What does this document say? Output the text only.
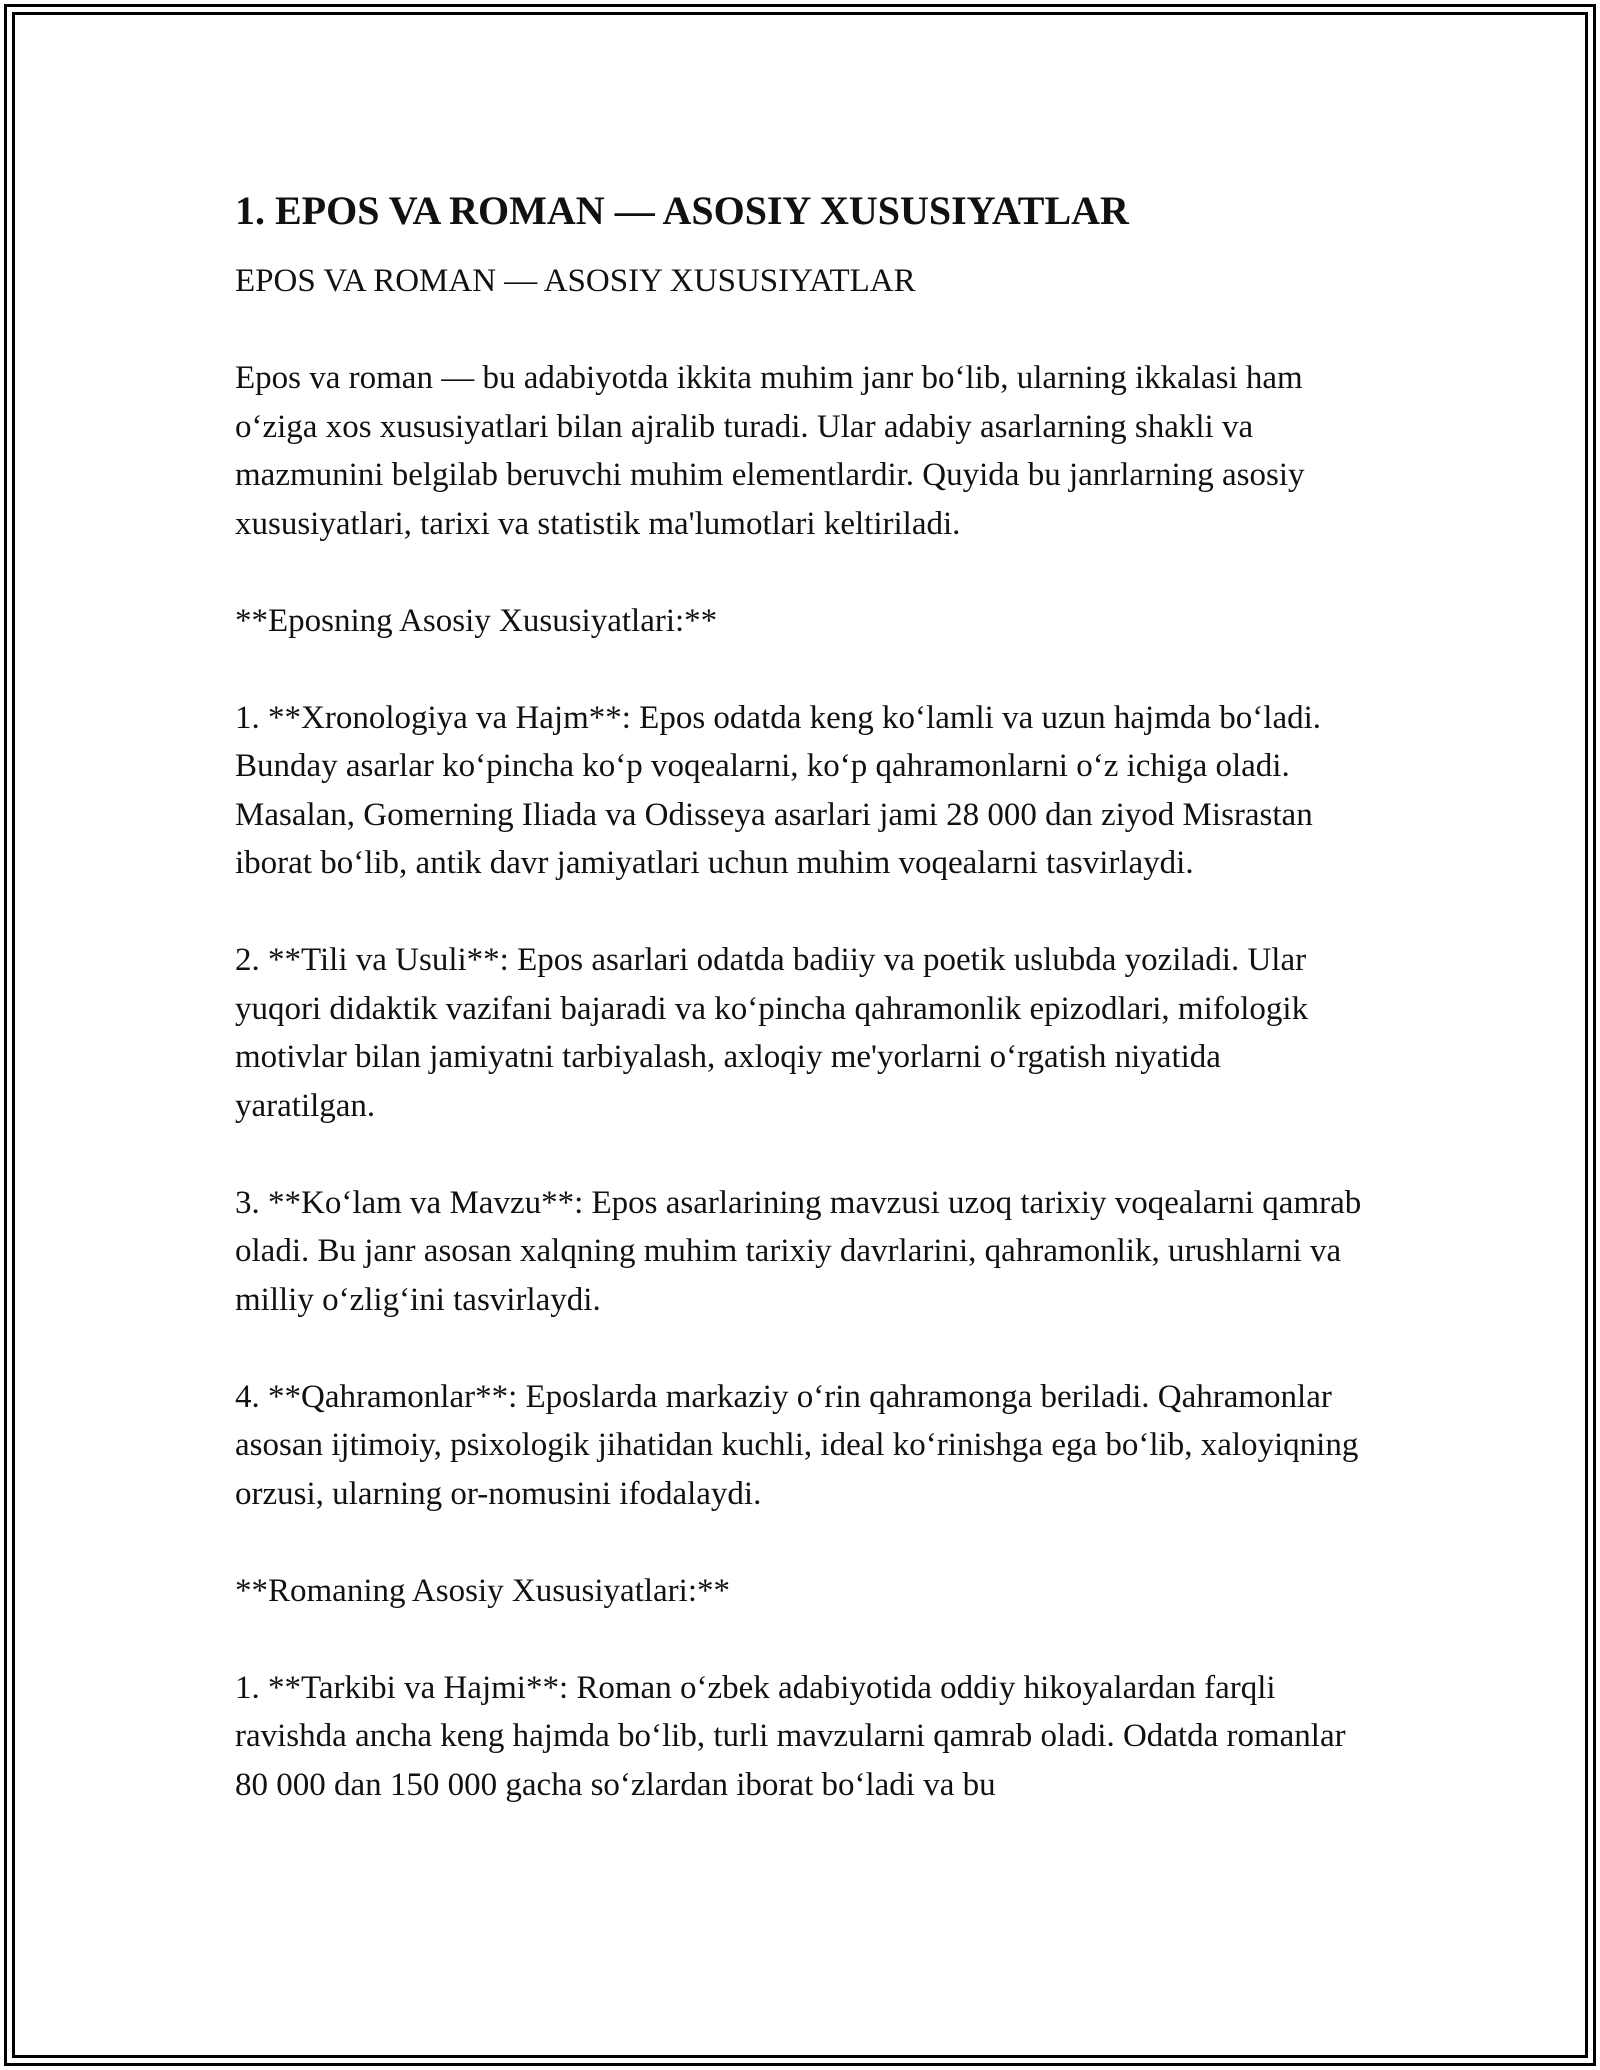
1. EPOS VA ROMAN — ASOSIY XUSUSIYATLAR

EPOS VA ROMAN — ASOSIY XUSUSIYATLAR

Epos va roman — bu adabiyotda ikkita muhim janr bo‘lib, ularning ikkalasi ham o‘ziga xos xususiyatlari bilan ajralib turadi. Ular adabiy asarlarning shakli va mazmunini belgilab beruvchi muhim elementlardir. Quyida bu janrlarning asosiy xususiyatlari, tarixi va statistik ma'lumotlari keltiriladi.

**Eposning Asosiy Xususiyatlari:**

1. **Xronologiya va Hajm**: Epos odatda keng ko‘lamli va uzun hajmda bo‘ladi. Bunday asarlar ko‘pincha ko‘p voqealarni, ko‘p qahramonlarni o‘z ichiga oladi. Masalan, Gomerning Iliada va Odisseya asarlari jami 28 000 dan ziyod Misrastan iborat bo‘lib, antik davr jamiyatlari uchun muhim voqealarni tasvirlaydi.

2. **Tili va Usuli**: Epos asarlari odatda badiiy va poetik uslubda yoziladi. Ular yuqori didaktik vazifani bajaradi va ko‘pincha qahramonlik epizodlari, mifologik motivlar bilan jamiyatni tarbiyalash, axloqiy me'yorlarni o‘rgatish niyatida yaratilgan.

3. **Ko‘lam va Mavzu**: Epos asarlarining mavzusi uzoq tarixiy voqealarni qamrab oladi. Bu janr asosan xalqning muhim tarixiy davrlarini, qahramonlik, urushlarni va milliy o‘zlig‘ini tasvirlaydi.

4. **Qahramonlar**: Eposlarda markaziy o‘rin qahramonga beriladi. Qahramonlar asosan ijtimoiy, psixologik jihatidan kuchli, ideal ko‘rinishga ega bo‘lib, xaloyiqning orzusi, ularning or-nomusini ifodalaydi.

**Romaning Asosiy Xususiyatlari:**

1. **Tarkibi va Hajmi**: Roman o‘zbek adabiyotida oddiy hikoyalardan farqli ravishda ancha keng hajmda bo‘lib, turli mavzularni qamrab oladi. Odatda romanlar 80 000 dan 150 000 gacha so‘zlardan iborat bo‘ladi va bu
